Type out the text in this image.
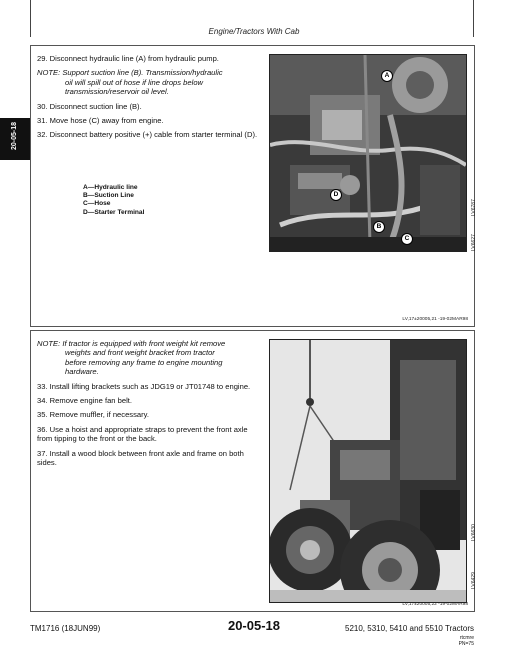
Engine/Tractors With Cab
20-05-18

29. Disconnect hydraulic line (A) from hydraulic pump.

NOTE: Support suction line (B). Transmission/hydraulic
oil will spill out of hose if line drops below
transmission/reservoir oil level.

30. Disconnect suction line (B).

31. Move hose (C) away from engine.

32. Disconnect battery positive (+) cable from starter terminal (D).

A—Hydraulic line
B—Suction Line
C—Hose
D—Starter Terminal
A
B
C
D
LV6787
LV6627
LV,17±20005,21 -19-02MAR98

NOTE: If tractor is equipped with front weight kit remove
weights and front weight bracket from tractor
before removing any frame to engine mounting
hardware.

33. Install lifting brackets such as JDG19 or JT01748 to engine.

34. Remove engine fan belt.

35. Remove muffler, if necessary.

36. Use a hoist and appropriate straps to prevent the front axle from tipping to the front or the back.

37. Install a wood block between front axle and frame on both sides.

LV6630
LV6429
LV,17±20005,22 -19-02MAR98
TM1716 (18JUN99)	20-05-18	5210, 5310, 5410 and 5510 Tractors
rtcmre
PN=75
